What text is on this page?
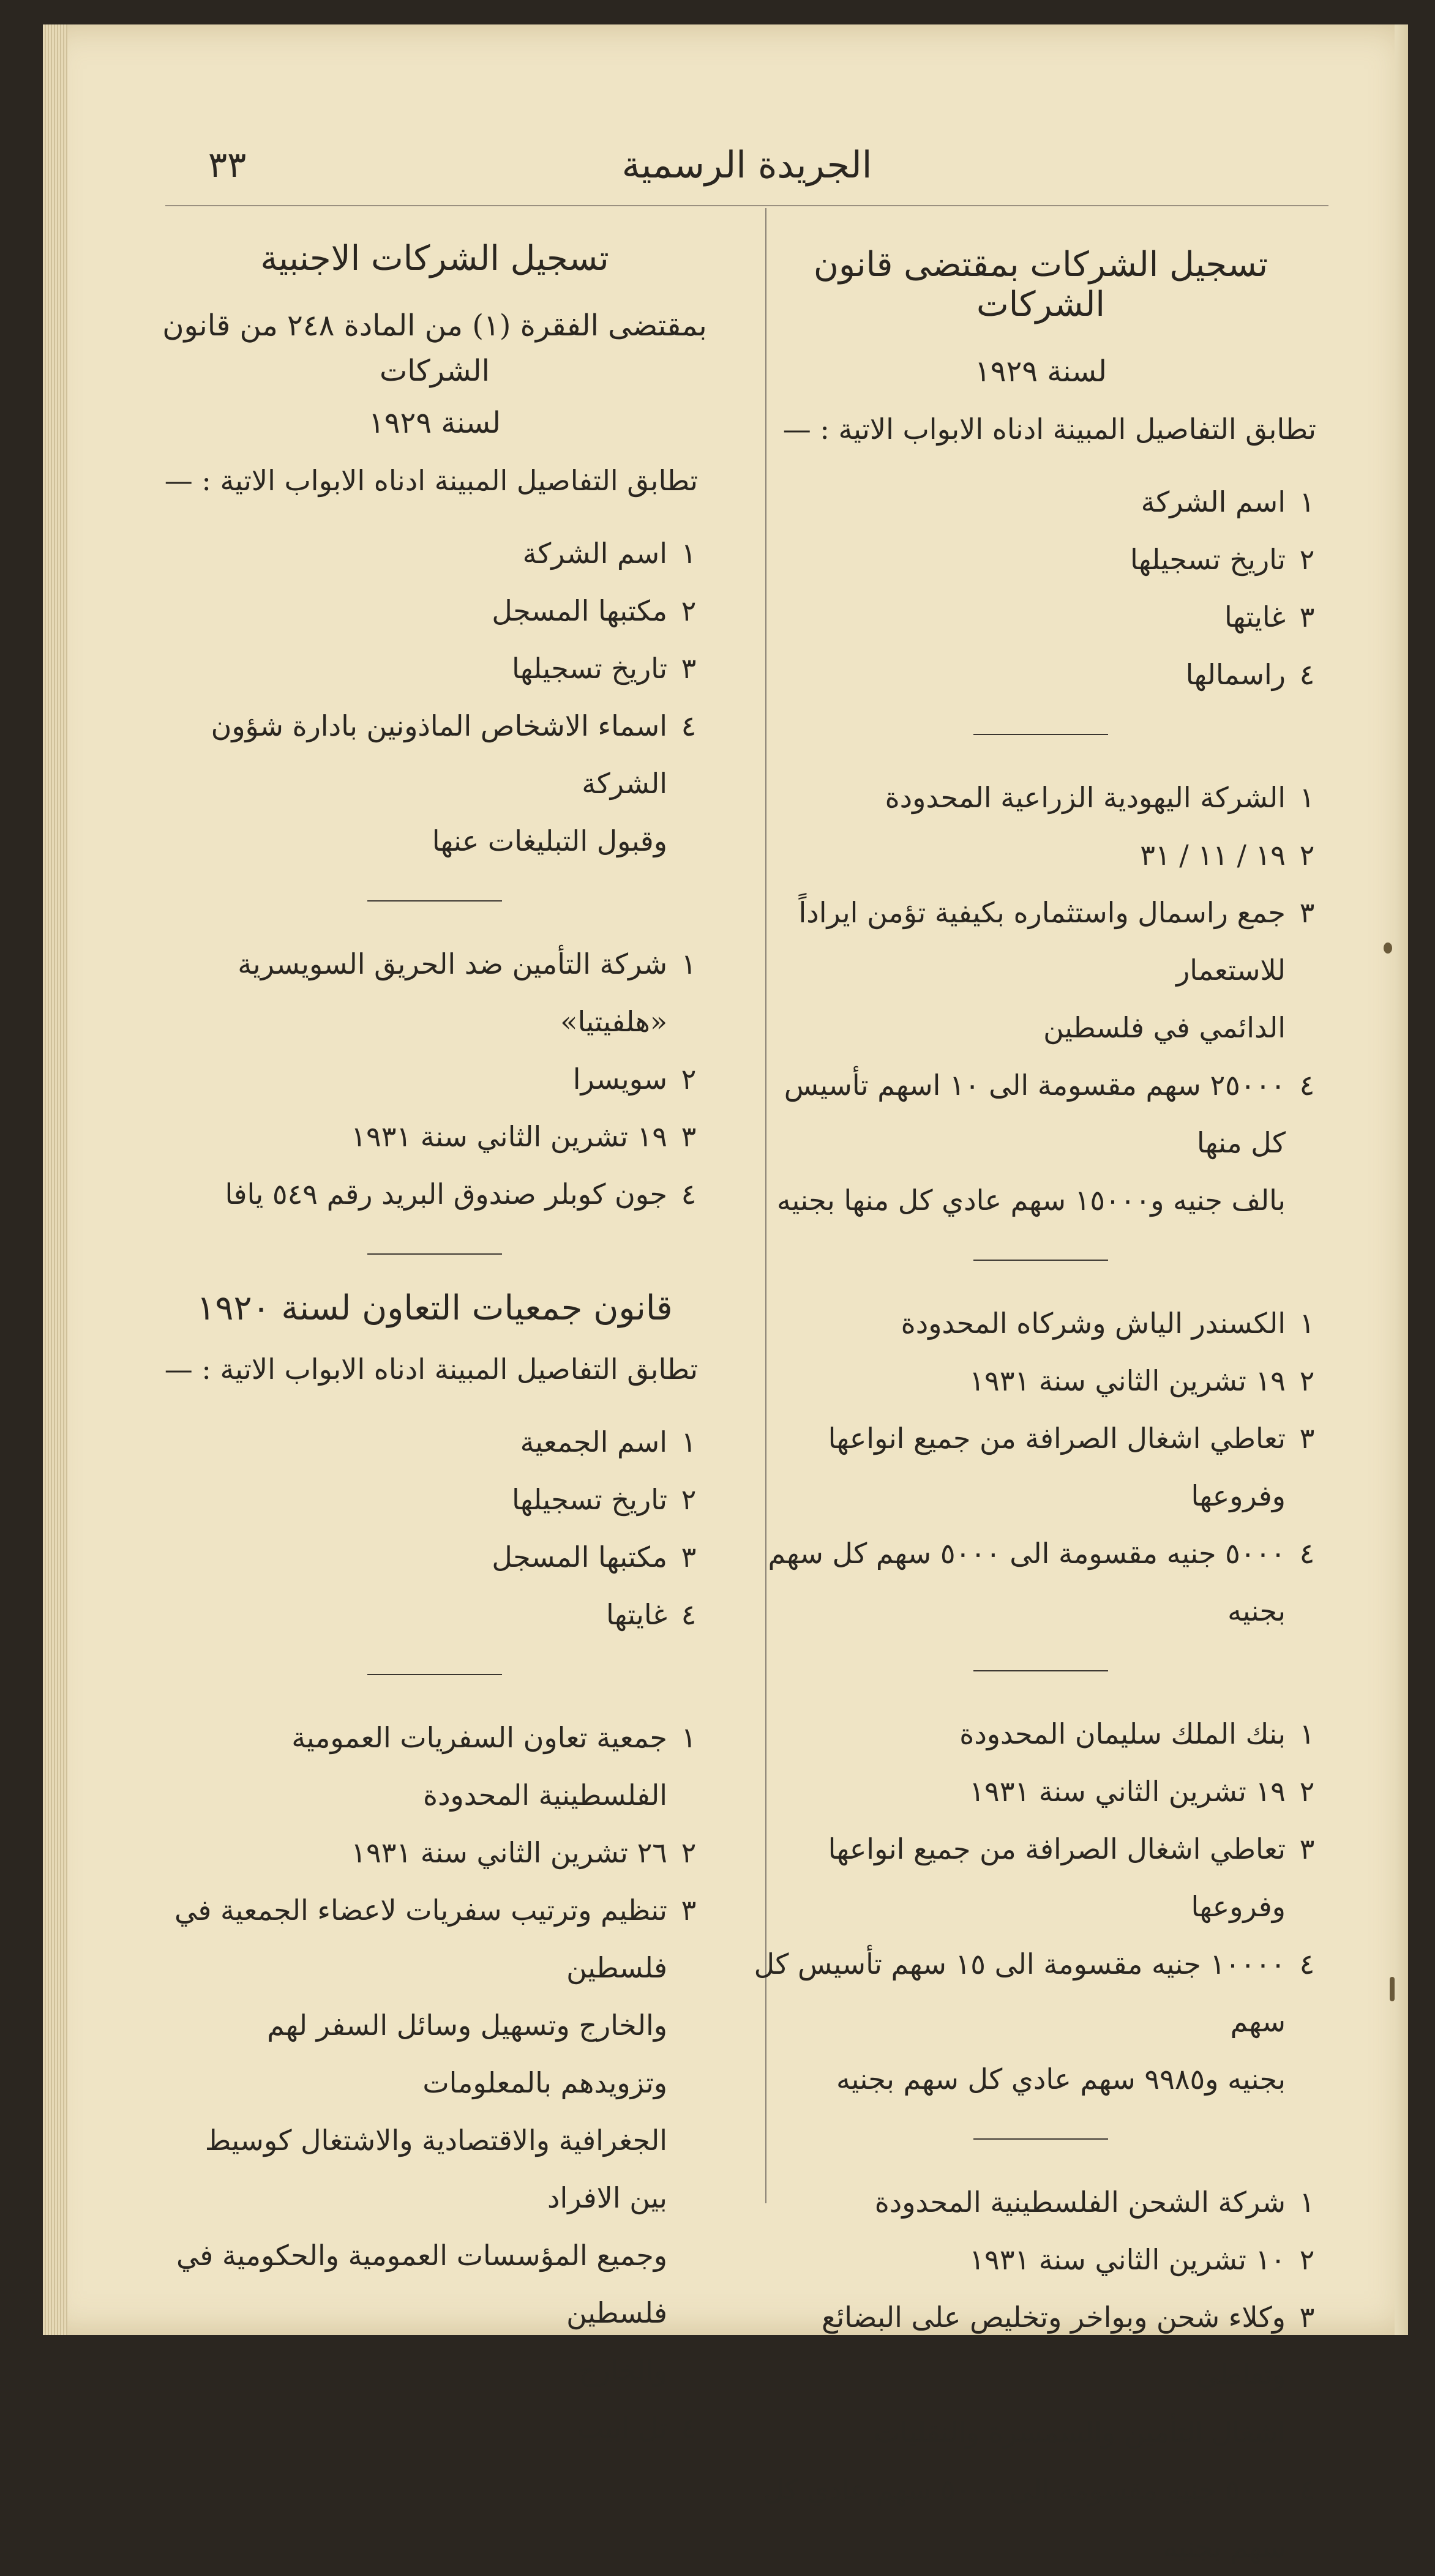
٣٣	الجريدة الرسمية
تسجيل الشركات بمقتضى قانون الشركات
لسنة ١٩٢٩
تطابق التفاصيل المبينة ادناه الابواب الاتية : —
١
اسم الشركة
٢
تاريخ تسجيلها
٣
غايتها
٤
راسمالها
١
الشركة اليهودية الزراعية المحدودة
٢
١٩ / ١١ / ٣١
٣
جمع راسمال واستثماره بكيفية تؤمن ايراداً للاستعمار
الدائمي في فلسطين
٤
٢٥٠٠٠ سهم مقسومة الى ١٠ اسهم تأسيس كل منها
بالف جنيه و١٥٠٠٠ سهم عادي كل منها بجنيه
١
الكسندر الياش وشركاه المحدودة
٢
١٩ تشرين الثاني سنة ١٩٣١
٣
تعاطي اشغال الصرافة من جميع انواعها وفروعها
٤
٥٠٠٠ جنيه مقسومة الى ٥٠٠٠ سهم كل سهم بجنيه
١
بنك الملك سليمان المحدودة
٢
١٩ تشرين الثاني سنة ١٩٣١
٣
تعاطي اشغال الصرافة من جميع انواعها وفروعها
٤
١٠٠٠٠ جنيه مقسومة الى ١٥ سهم تأسيس كل سهم
بجنيه و٩٩٨٥ سهم عادي كل سهم بجنيه
١
شركة الشحن الفلسطينية المحدودة
٢
١٠ تشرين الثاني سنة ١٩٣١
٣
وكلاء شحن وبواخر وتخليص على البضائع وتعاطي
اشغال التأمين والسمسرة والنقليات
٤
٥٠٠٠ جنيه مقسومة الى ٥٠٠٠ سهم عادي كل
سهم بجنيه
تسجيل الشركات الاجنبية
بمقتضى الفقرة (١) من المادة ٢٤٨ من قانون الشركات
لسنة ١٩٢٩
تطابق التفاصيل المبينة ادناه الابواب الاتية : —
١
اسم الشركة
٢
مكتبها المسجل
٣
تاريخ تسجيلها
٤
اسماء الاشخاص الماذونين بادارة شؤون الشركة
وقبول التبليغات عنها
١
شركة التأمين ضد الحريق السويسرية «هلفيتيا»
٢
سويسرا
٣
١٩ تشرين الثاني سنة ١٩٣١
٤
جون كوبلر صندوق البريد رقم ٥٤٩ يافا
قانون جمعيات التعاون لسنة ١٩٢٠
تطابق التفاصيل المبينة ادناه الابواب الاتية : —
١
اسم الجمعية
٢
تاريخ تسجيلها
٣
مكتبها المسجل
٤
غايتها
١
جمعية تعاون السفريات العمومية الفلسطينية المحدودة
٢
٢٦ تشرين الثاني سنة ١٩٣١
٣
تنظيم وترتيب سفريات لاعضاء الجمعية في فلسطين
والخارج وتسهيل وسائل السفر لهم وتزويدهم بالمعلومات
الجغرافية والاقتصادية والاشتغال كوسيط بين الافراد
وجميع المؤسسات العمومية والحكومية في فلسطين
والخارج
٤
تل ابيب
